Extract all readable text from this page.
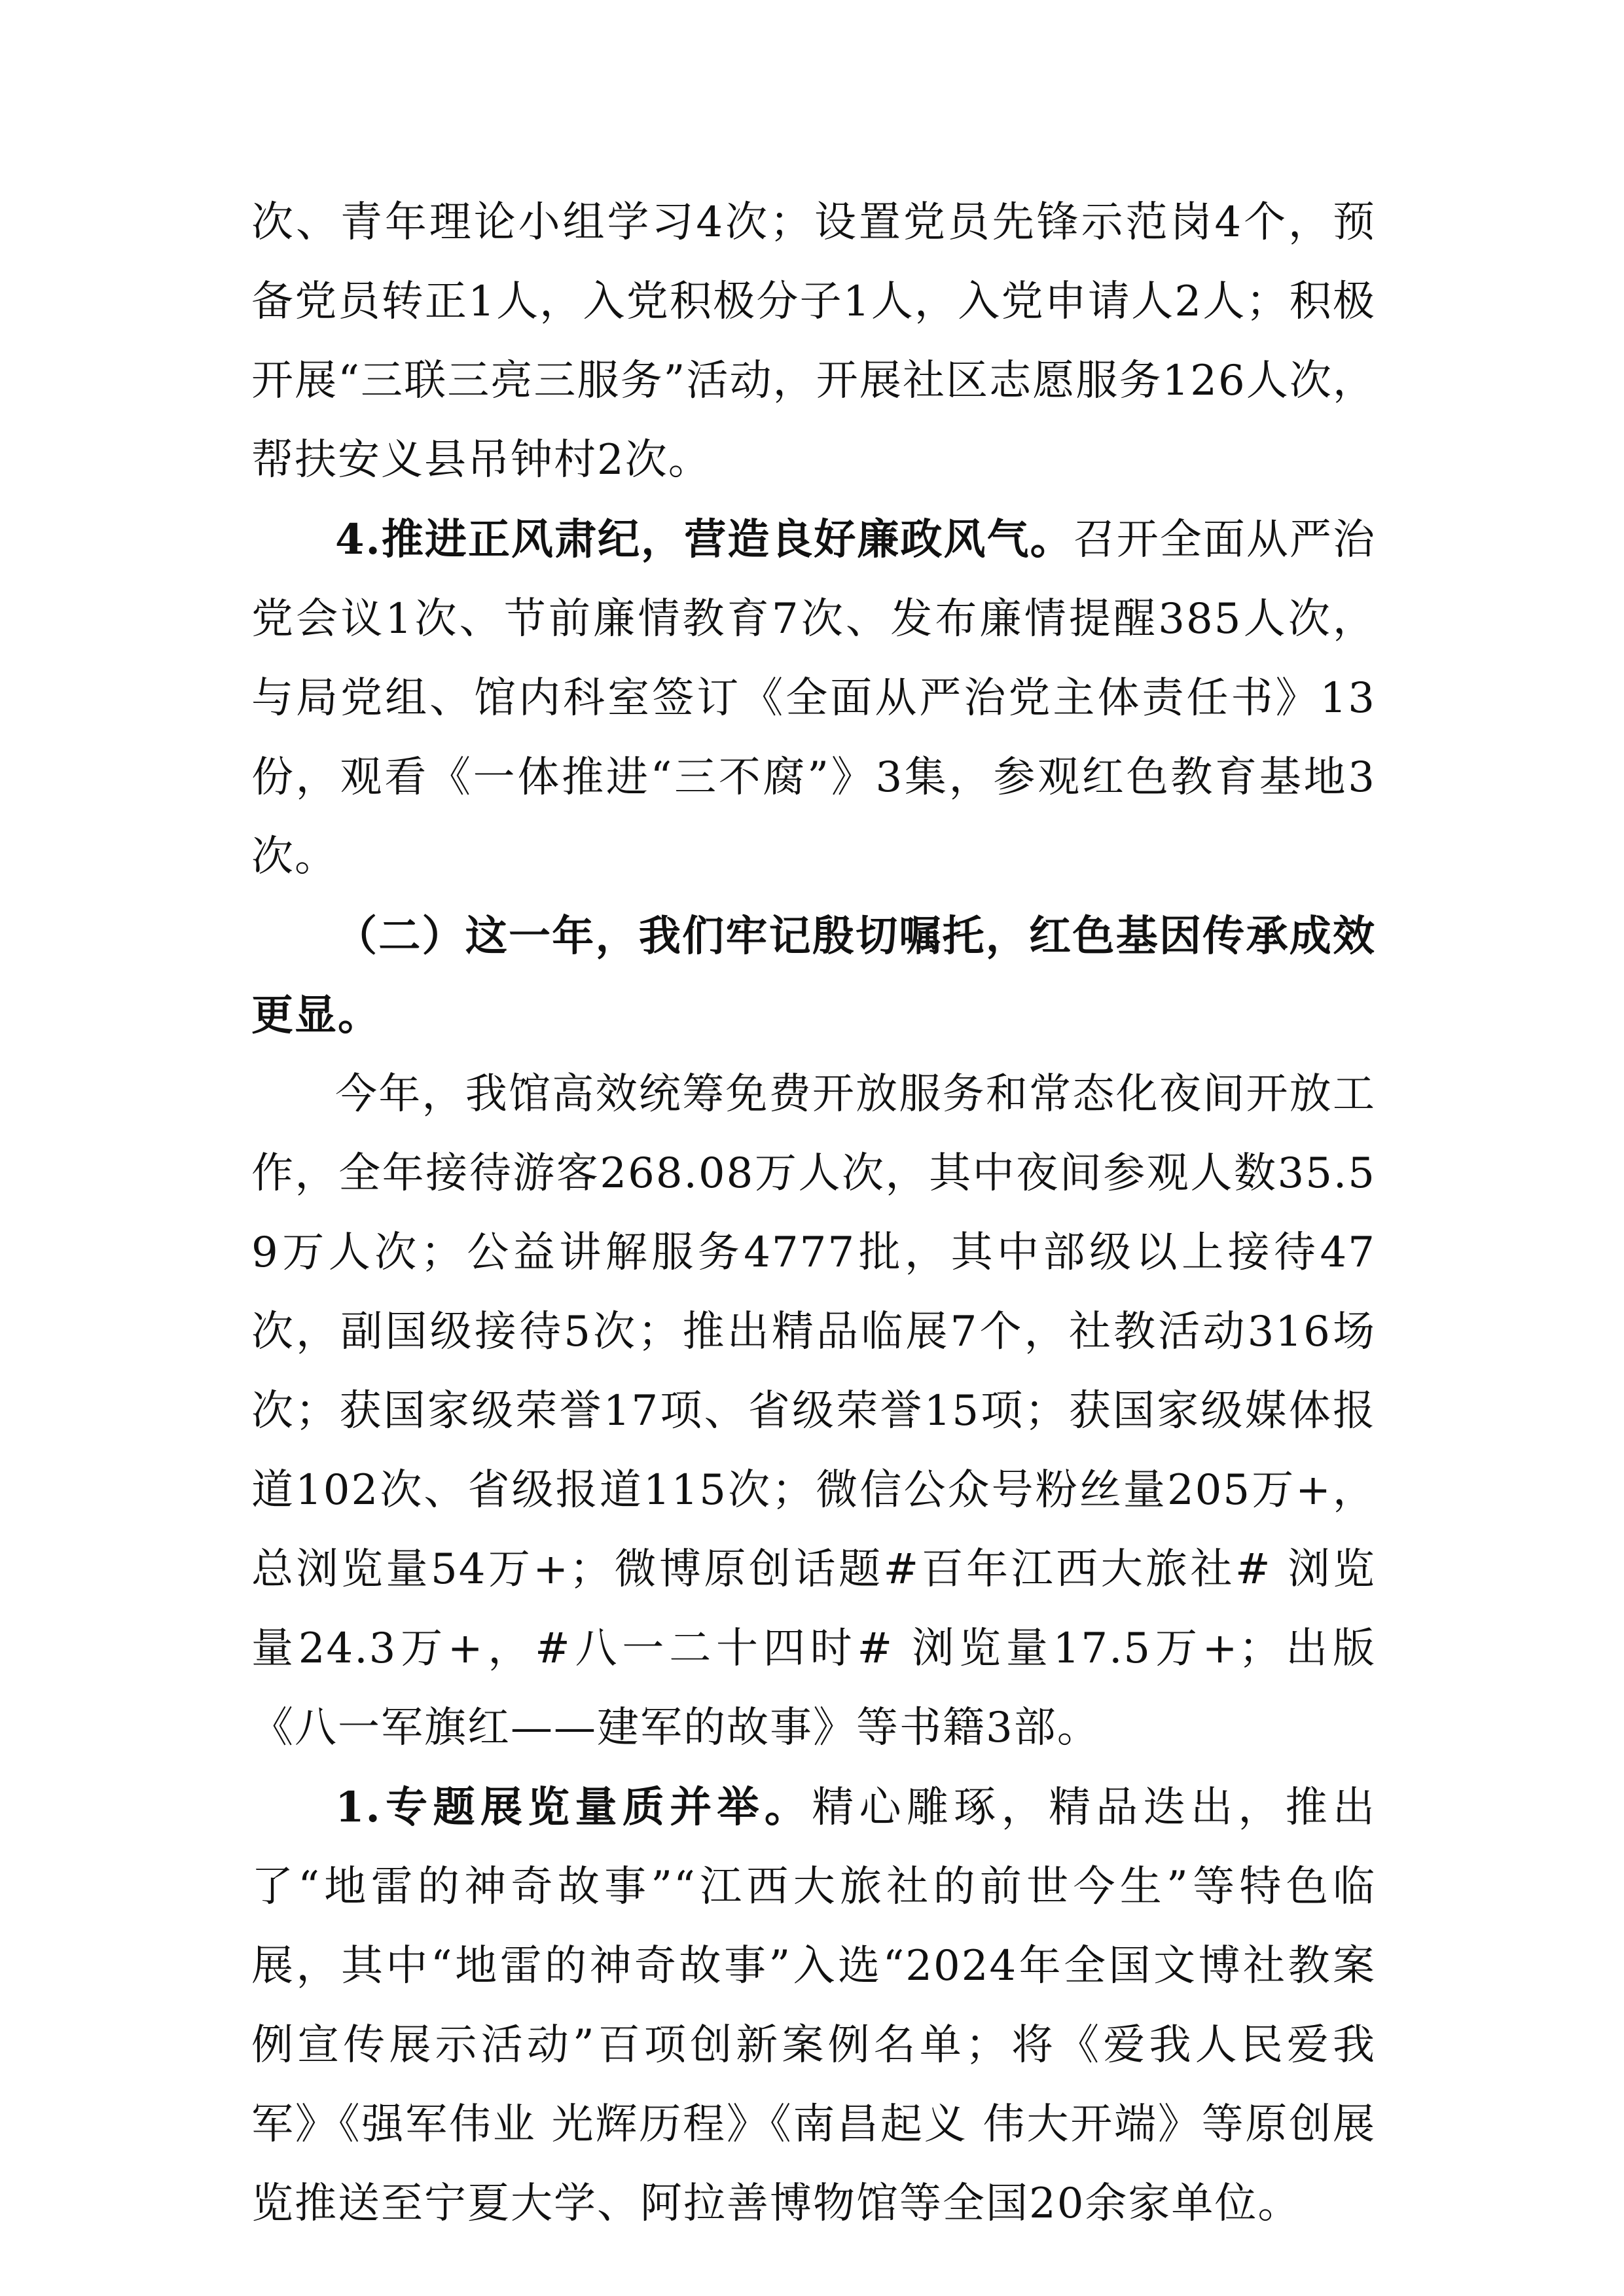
次、青年理论小组学习4次；设置党员先锋示范岗4个，预备党员转正1人，入党积极分子1人，入党申请人2人；积极开展“三联三亮三服务”活动，开展社区志愿服务126人次，帮扶安义县吊钟村2次。

4.推进正风肃纪，营造良好廉政风气。召开全面从严治党会议1次、节前廉情教育7次、发布廉情提醒385人次，与局党组、馆内科室签订《全面从严治党主体责任书》13份，观看《一体推进“三不腐”》3集，参观红色教育基地3次。

（二）这一年，我们牢记殷切嘱托，红色基因传承成效更显。

今年，我馆高效统筹免费开放服务和常态化夜间开放工作，全年接待游客268.08万人次，其中夜间参观人数35.59万人次；公益讲解服务4777批，其中部级以上接待47次，副国级接待5次；推出精品临展7个，社教活动316场次；获国家级荣誉17项、省级荣誉15项；获国家级媒体报道102次、省级报道115次；微信公众号粉丝量205万+，总浏览量54万+；微博原创话题#百年江西大旅社# 浏览量24.3万+，#八一二十四时# 浏览量17.5万+；出版《八一军旗红——建军的故事》等书籍3部。

1.专题展览量质并举。精心雕琢，精品迭出，推出了“地雷的神奇故事”“江西大旅社的前世今生”等特色临展，其中“地雷的神奇故事”入选“2024年全国文博社教案例宣传展示活动”百项创新案例名单；将《爱我人民爱我军》《强军伟业 光辉历程》《南昌起义 伟大开端》等原创展览推送至宁夏大学、阿拉善博物馆等全国20余家单位。
